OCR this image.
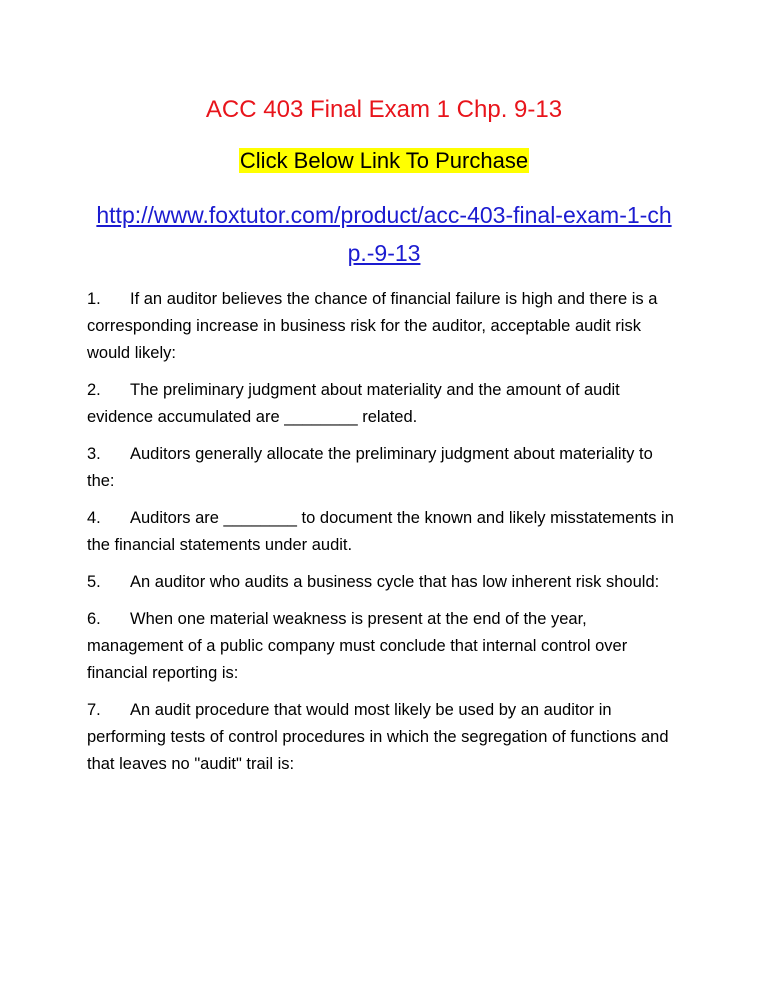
ACC 403 Final Exam 1 Chp. 9-13
Click Below Link To Purchase
http://www.foxtutor.com/product/acc-403-final-exam-1-chp.-9-13

1. If an auditor believes the chance of financial failure is high and there is a corresponding increase in business risk for the auditor, acceptable audit risk would likely:

2. The preliminary judgment about materiality and the amount of audit evidence accumulated are ________ related.

3. Auditors generally allocate the preliminary judgment about materiality to the:

4. Auditors are ________ to document the known and likely misstatements in the financial statements under audit.

5. An auditor who audits a business cycle that has low inherent risk should:

6. When one material weakness is present at the end of the year, management of a public company must conclude that internal control over financial reporting is:

7. An audit procedure that would most likely be used by an auditor in performing tests of control procedures in which the segregation of functions and that leaves no "audit" trail is:
